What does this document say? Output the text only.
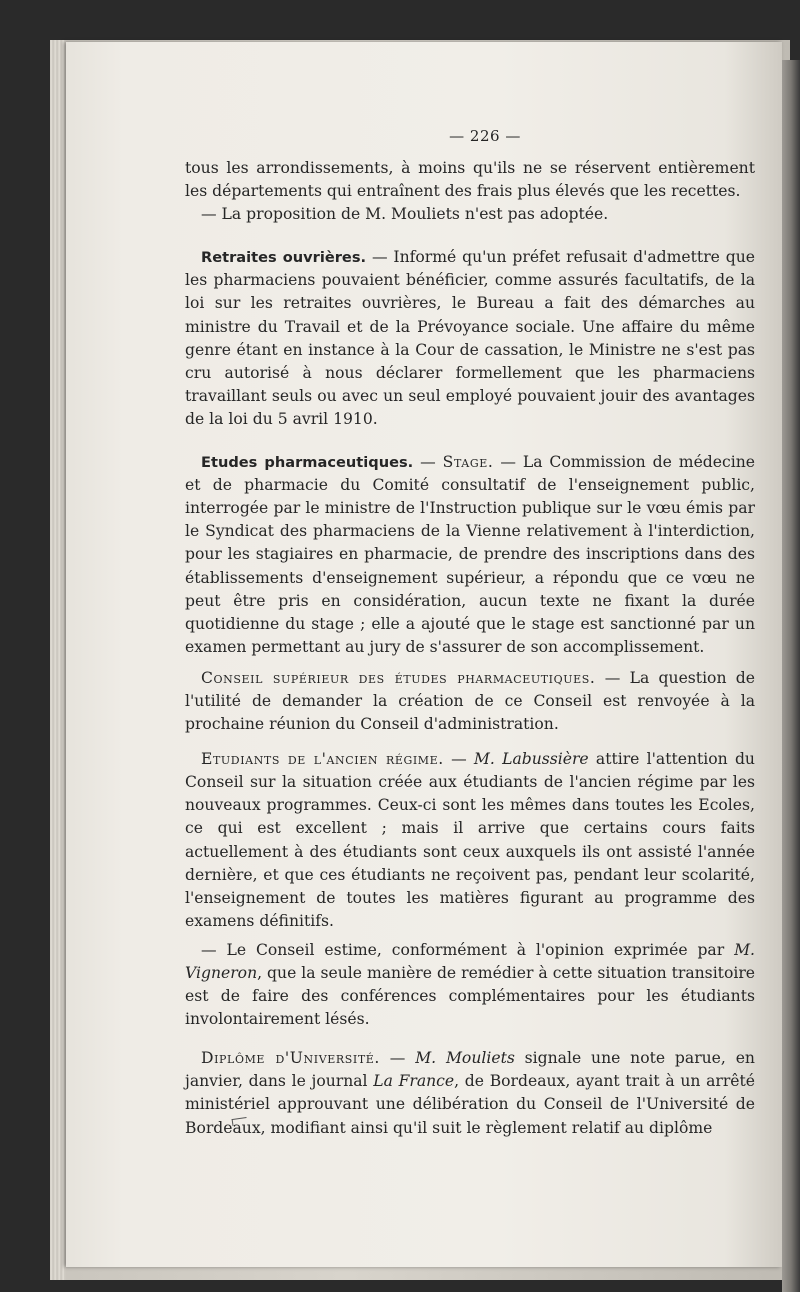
— 226 —

tous les arrondissements, à moins qu'ils ne se réservent entièrement les départements qui entraînent des frais plus élevés que les recettes.

— La proposition de M. Mouliets n'est pas adoptée.

Retraites ouvrières. — Informé qu'un préfet refusait d'admettre que les pharmaciens pouvaient bénéficier, comme assurés facultatifs, de la loi sur les retraites ouvrières, le Bureau a fait des démarches au ministre du Travail et de la Prévoyance sociale. Une affaire du même genre étant en instance à la Cour de cassation, le Ministre ne s'est pas cru autorisé à nous déclarer formellement que les pharmaciens travaillant seuls ou avec un seul employé pouvaient jouir des avantages de la loi du 5 avril 1910.

Etudes pharmaceutiques. — Stage. — La Commission de médecine et de pharmacie du Comité consultatif de l'enseignement public, interrogée par le ministre de l'Instruction publique sur le vœu émis par le Syndicat des pharmaciens de la Vienne relativement à l'interdiction, pour les stagiaires en pharmacie, de prendre des inscriptions dans des établissements d'enseignement supérieur, a répondu que ce vœu ne peut être pris en considération, aucun texte ne fixant la durée quotidienne du stage ; elle a ajouté que le stage est sanctionné par un examen permettant au jury de s'assurer de son accomplissement.

Conseil supérieur des études pharmaceutiques. — La question de l'utilité de demander la création de ce Conseil est renvoyée à la prochaine réunion du Conseil d'administration.

Etudiants de l'ancien régime. — M. Labussière attire l'attention du Conseil sur la situation créée aux étudiants de l'ancien régime par les nouveaux programmes. Ceux-ci sont les mêmes dans toutes les Ecoles, ce qui est excellent ; mais il arrive que certains cours faits actuellement à des étudiants sont ceux auxquels ils ont assisté l'année dernière, et que ces étudiants ne reçoivent pas, pendant leur scolarité, l'enseignement de toutes les matières figurant au programme des examens définitifs.

— Le Conseil estime, conformément à l'opinion exprimée par M. Vigneron, que la seule manière de remédier à cette situation transitoire est de faire des conférences complémentaires pour les étudiants involontairement lésés.

Diplôme d'Université. — M. Mouliets signale une note parue, en janvier, dans le journal La France, de Bordeaux, ayant trait à un arrêté ministériel approuvant une délibération du Conseil de l'Université de Bordeaux, modifiant ainsi qu'il suit le règlement relatif au diplôme
